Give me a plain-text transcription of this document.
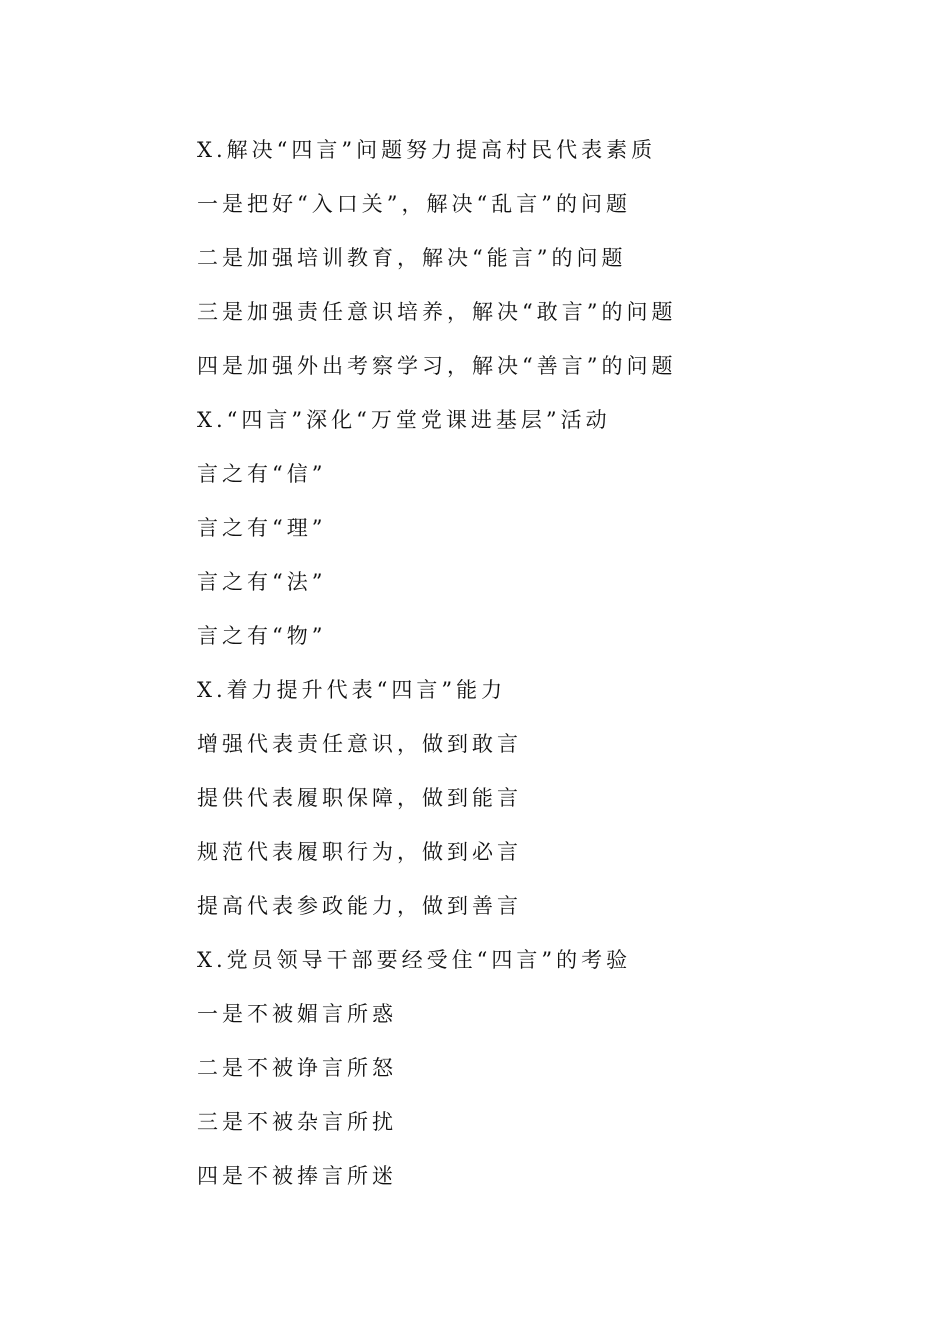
X.解决“四言”问题努力提高村民代表素质
一是把好“入口关”，解决“乱言”的问题
二是加强培训教育，解决“能言”的问题
三是加强责任意识培养，解决“敢言”的问题
四是加强外出考察学习，解决“善言”的问题
X.“四言”深化“万堂党课进基层”活动
言之有“信”
言之有“理”
言之有“法”
言之有“物”
X.着力提升代表“四言”能力
增强代表责任意识，做到敢言
提供代表履职保障，做到能言
规范代表履职行为，做到必言
提高代表参政能力，做到善言
X.党员领导干部要经受住“四言”的考验
一是不被媚言所惑
二是不被诤言所怒
三是不被杂言所扰
四是不被捧言所迷
